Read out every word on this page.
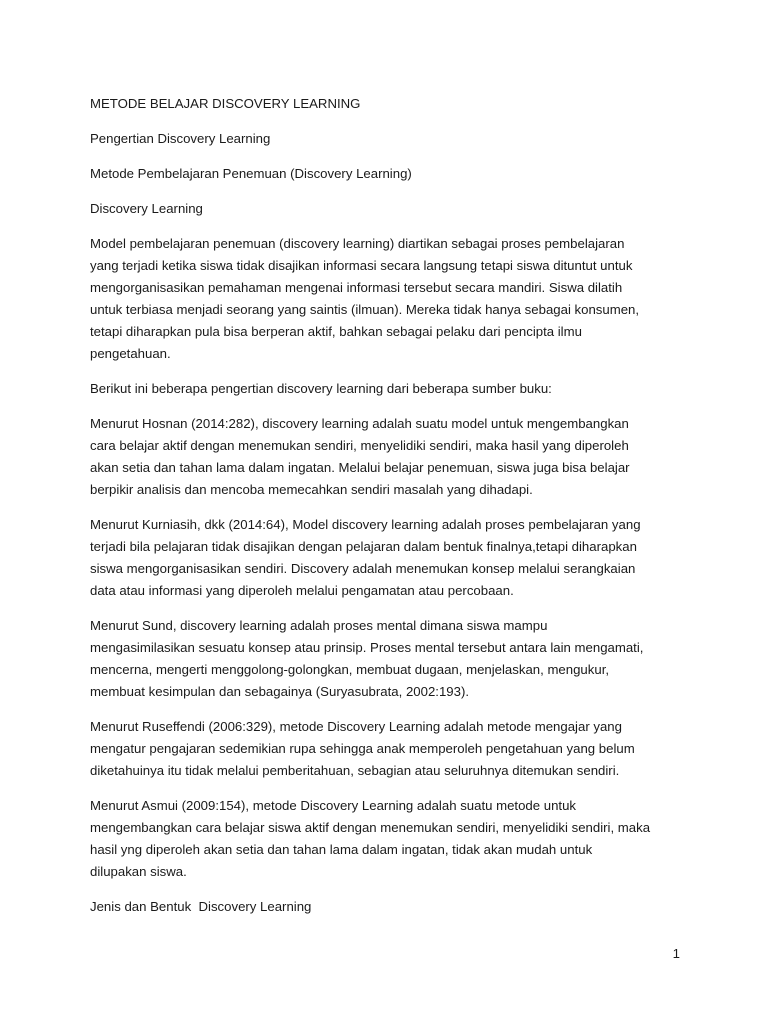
METODE BELAJAR DISCOVERY LEARNING

Pengertian Discovery Learning

Metode Pembelajaran Penemuan (Discovery Learning)

Discovery Learning

Model pembelajaran penemuan (discovery learning) diartikan sebagai proses pembelajaran
yang terjadi ketika siswa tidak disajikan informasi secara langsung tetapi siswa dituntut untuk
mengorganisasikan pemahaman mengenai informasi tersebut secara mandiri. Siswa dilatih
untuk terbiasa menjadi seorang yang saintis (ilmuan). Mereka tidak hanya sebagai konsumen,
tetapi diharapkan pula bisa berperan aktif, bahkan sebagai pelaku dari pencipta ilmu
pengetahuan.

Berikut ini beberapa pengertian discovery learning dari beberapa sumber buku:

Menurut Hosnan (2014:282), discovery learning adalah suatu model untuk mengembangkan
cara belajar aktif dengan menemukan sendiri, menyelidiki sendiri, maka hasil yang diperoleh
akan setia dan tahan lama dalam ingatan. Melalui belajar penemuan, siswa juga bisa belajar
berpikir analisis dan mencoba memecahkan sendiri masalah yang dihadapi.

Menurut Kurniasih, dkk (2014:64), Model discovery learning adalah proses pembelajaran yang
terjadi bila pelajaran tidak disajikan dengan pelajaran dalam bentuk finalnya,tetapi diharapkan
siswa mengorganisasikan sendiri. Discovery adalah menemukan konsep melalui serangkaian
data atau informasi yang diperoleh melalui pengamatan atau percobaan.

Menurut Sund, discovery learning adalah proses mental dimana siswa mampu
mengasimilasikan sesuatu konsep atau prinsip. Proses mental tersebut antara lain mengamati,
mencerna, mengerti menggolong-golongkan, membuat dugaan, menjelaskan, mengukur,
membuat kesimpulan dan sebagainya (Suryasubrata, 2002:193).

Menurut Ruseffendi (2006:329), metode Discovery Learning adalah metode mengajar yang
mengatur pengajaran sedemikian rupa sehingga anak memperoleh pengetahuan yang belum
diketahuinya itu tidak melalui pemberitahuan, sebagian atau seluruhnya ditemukan sendiri.

Menurut Asmui (2009:154), metode Discovery Learning adalah suatu metode untuk
mengembangkan cara belajar siswa aktif dengan menemukan sendiri, menyelidiki sendiri, maka
hasil yng diperoleh akan setia dan tahan lama dalam ingatan, tidak akan mudah untuk
dilupakan siswa.

Jenis dan Bentuk  Discovery Learning

1
